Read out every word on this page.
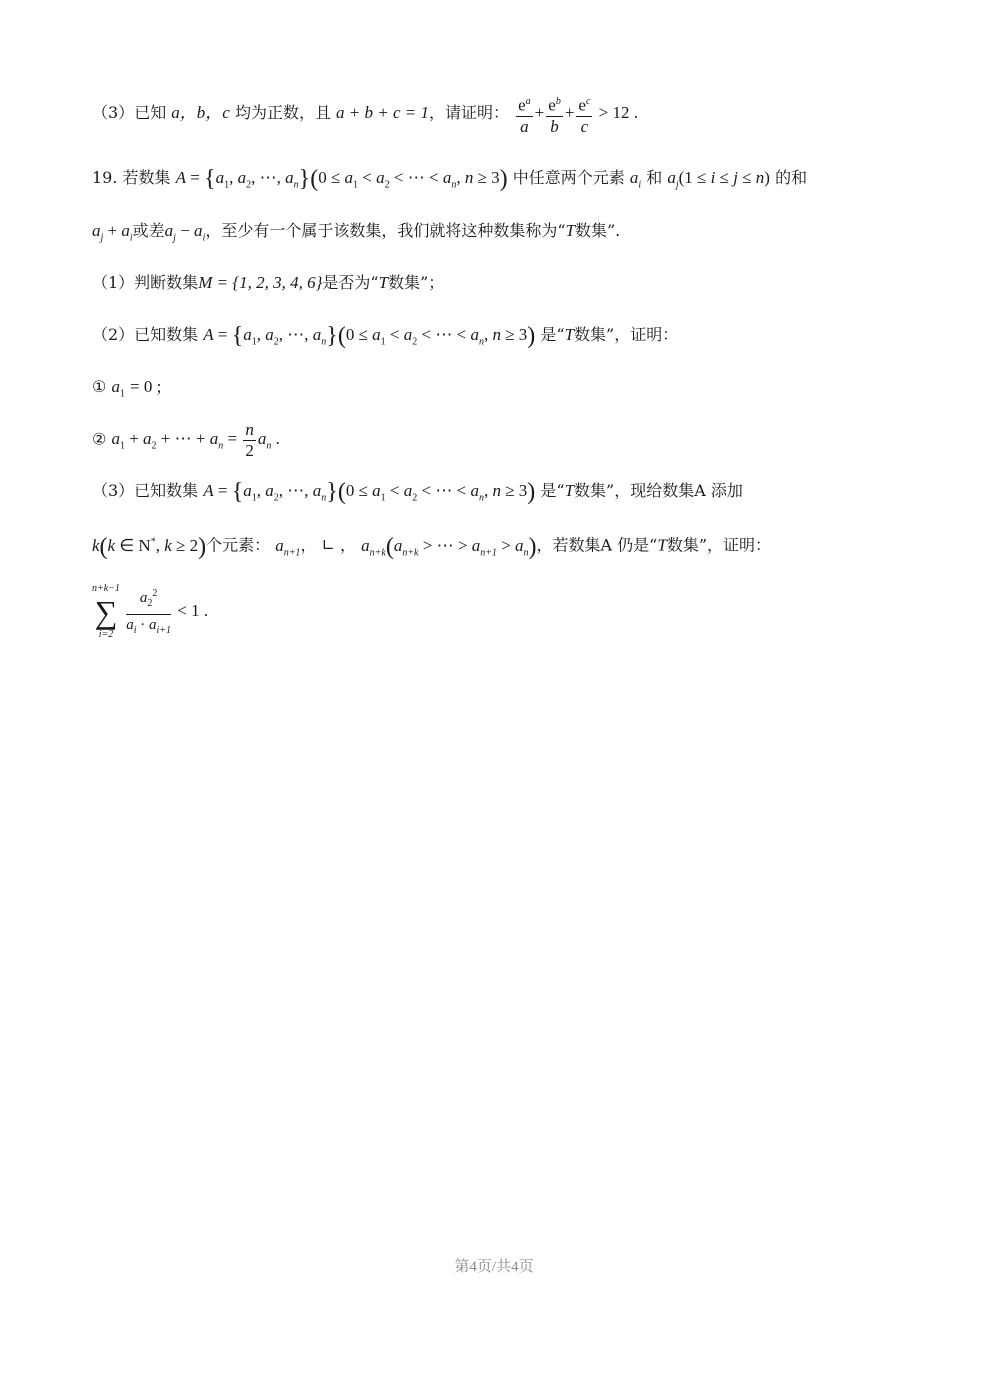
（3）已知 a，b，c 均为正数，且 a + b + c = 1，请证明： $\frac{e^a}{a} + \frac{e^b}{b} + \frac{e^c}{c} > 12$ .
19. 若数集 $A = \{a_1$, $a_2$, ⋯, $a_n\}(0 \le a_1 < a_2$ < ⋯ < $a_n$, n ≥ 3) 中任意两个元素 $a_i$ 和 $a_j(1 \le i \le j \le n)$ 的和
$a_j + a_i$或差$a_j - a_i$，至少有一个属于该数集，我们就将这种数集称为“T数集”.
（1）判断数集M = {1, 2, 3, 4, 6}是否为“T数集”；
（2）已知数集 $A = \{a_1$, $a_2$, ⋯, $a_n\}(0 \le a_1 < a_2$ < ⋯ < $a_n$, n ≥ 3) 是“T数集”，证明：
① $a_1 = 0$ ;
② $a_1 + a_2$ + ⋯ + $a_n = \frac{n}{2} a_n$ .
（3）已知数集 $A = \{a_1$, $a_2$, ⋯, $a_n\}(0 \le a_1 < a_2$ < ⋯ < $a_n$, n ≥ 3) 是“T数集”，现给数集A 添加
k(k ∈ N*, k ≥ 2)个元素： $a_{n+1}$， ∟ ， $a_{n+k}(a_{n+k}$ > ⋯ > $a_{n+1} > a_n$)，若数集A 仍是“T数集”，证明：
n+k−1
∑
i=2
$\frac{a_2^2}{a_i \cdot a_{i+1}} < 1$ .
第4页/共4页
